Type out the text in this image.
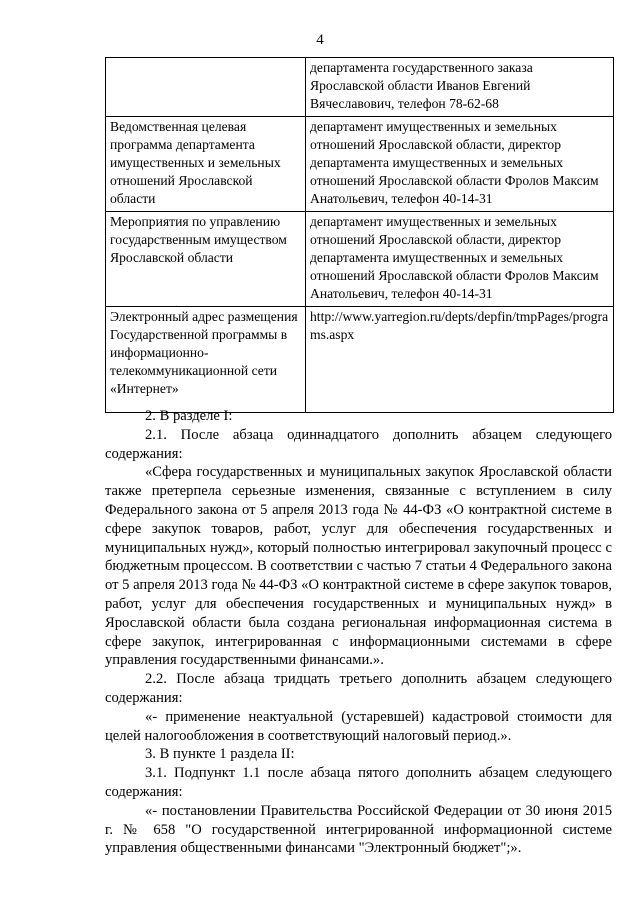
4
	департамента государственного заказа Ярославской области Иванов Евгений Вячеславович, телефон 78-62-68
Ведомственная целевая программа департамента имущественных и земельных отношений Ярославской области	департамент имущественных и земельных отношений Ярославской области, директор департамента имущественных и земельных отношений Ярославской области Фролов Максим Анатольевич, телефон 40-14-31
Мероприятия по управлению государственным имуществом Ярославской области	департамент имущественных и земельных отношений Ярославской области, директор департамента имущественных и земельных отношений Ярославской области Фролов Максим Анатольевич, телефон 40-14-31
Электронный адрес размещения Государственной программы в информационно-телекоммуникационной сети «Интернет»	http://www.yarregion.ru/depts/depfin/tmpPages/programs.aspx

2. В разделе I:

2.1. После абзаца одиннадцатого дополнить абзацем следующего содержания:

«Сфера государственных и муниципальных закупок Ярославской области также претерпела серьезные изменения, связанные с вступлением в силу Федерального закона от 5 апреля 2013 года № 44-ФЗ «О контрактной системе в сфере закупок товаров, работ, услуг для обеспечения государственных и муниципальных нужд», который полностью интегрировал закупочный процесс с бюджетным процессом. В соответствии с частью 7 статьи 4 Федерального закона от 5 апреля 2013 года № 44-ФЗ «О контрактной системе в сфере закупок товаров, работ, услуг для обеспечения государственных и муниципальных нужд» в Ярославской области была создана региональная информационная система в сфере закупок, интегрированная с информационными системами в сфере управления государственными финансами.».

2.2. После абзаца тридцать третьего дополнить абзацем следующего содержания:

«- применение неактуальной (устаревшей) кадастровой стоимости для целей налогообложения в соответствующий налоговый период.».

3. В пункте 1 раздела II:

3.1. Подпункт 1.1 после абзаца пятого дополнить абзацем следующего содержания:

«- постановлении Правительства Российской Федерации от 30 июня 2015 г. № 658 "О государственной интегрированной информационной системе управления общественными финансами "Электронный бюджет";».
